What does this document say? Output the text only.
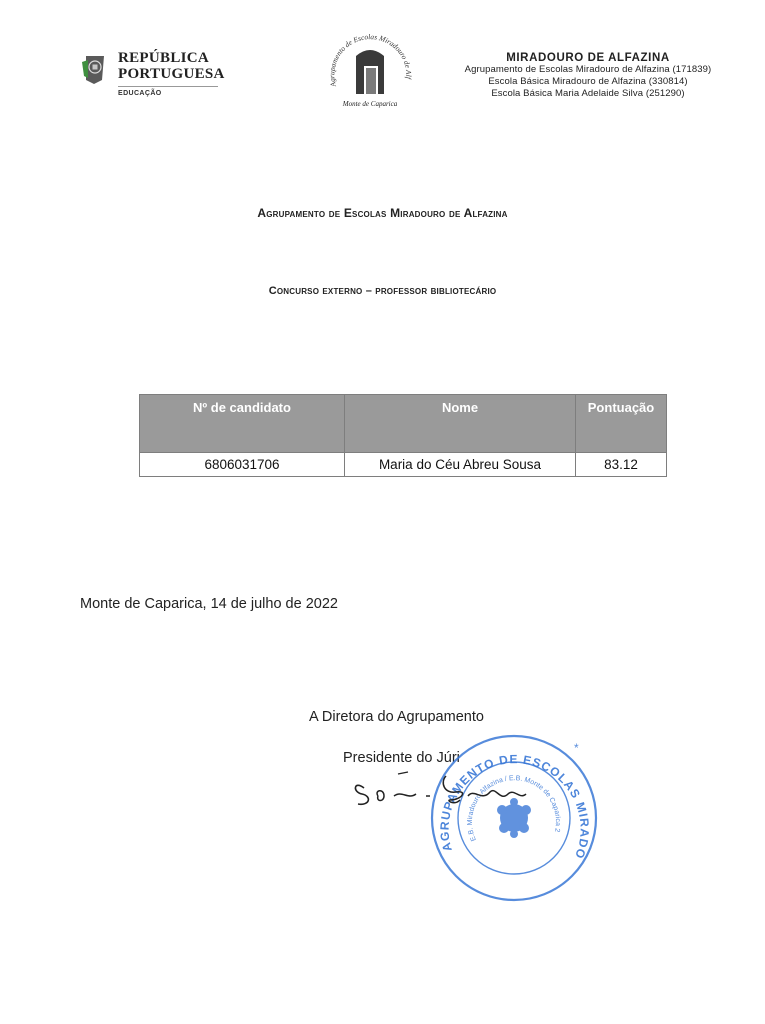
REPÚBLICA
PORTUGUESA
EDUCAÇÃO
Agrupamento de Escolas Miradouro de Alf
Monte de Caparica
MIRADOURO DE ALFAZINA
Agrupamento de Escolas Miradouro de Alfazina (171839)
Escola Básica Miradouro de Alfazina (330814)
Escola Básica Maria Adelaide Silva (251290)
Agrupamento de Escolas Miradouro de Alfazina
Concurso externo – professor bibliotecário
Nº de candidato	Nome	Pontuação
6806031706	Maria do Céu Abreu Sousa	83.12
Monte de Caparica, 14 de julho de 2022
A Diretora do Agrupamento
Presidente do Júri
AGRUPAMENTO DE ESCOLAS MIRADO
E.B. Miradouro Alfazina / E.B. Monte de Caparica 2
*
